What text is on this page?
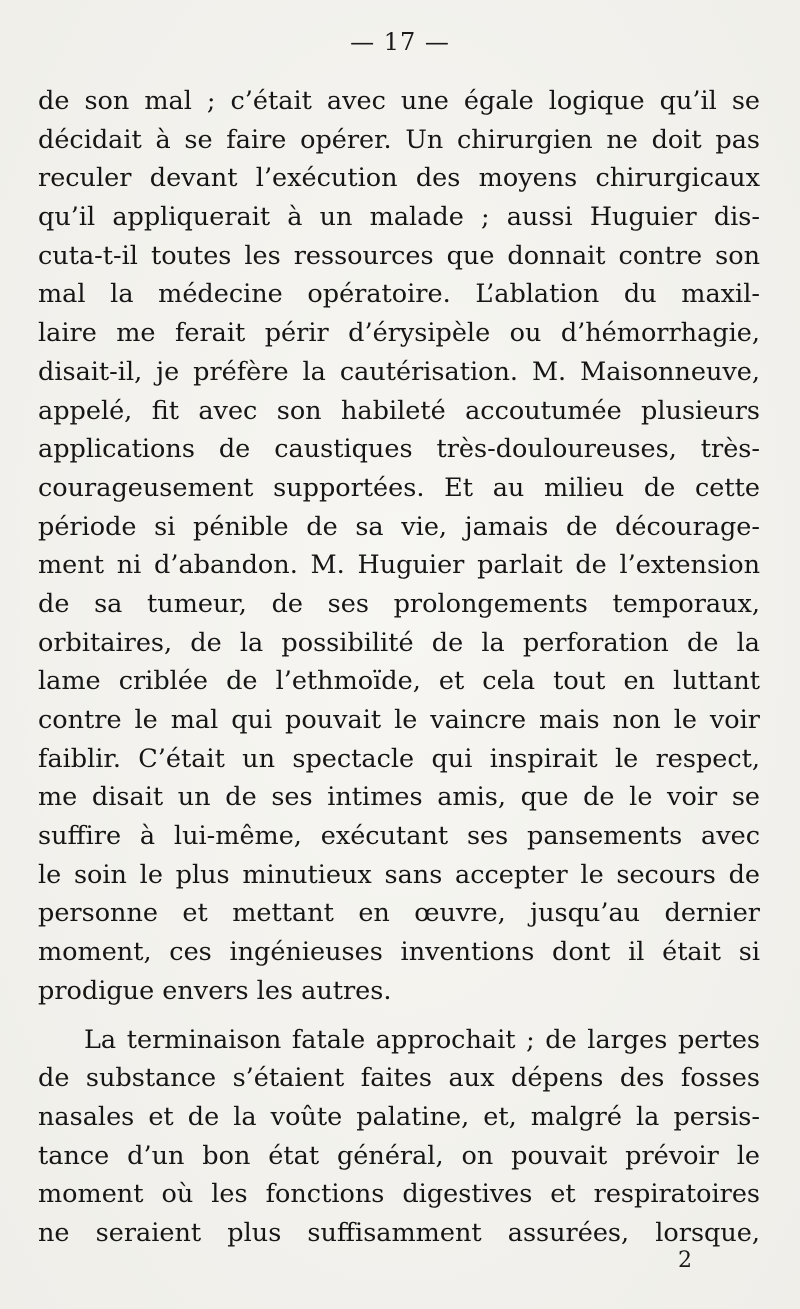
— 17 —
de son mal ; c’était avec une égale logique qu’il se
décidait à se faire opérer. Un chirurgien ne doit pas
reculer devant l’exécution des moyens chirurgicaux
qu’il appliquerait à un malade ; aussi Huguier dis-
cuta-t-il toutes les ressources que donnait contre son
mal la médecine opératoire. L’ablation du maxil-
laire me ferait périr d’érysipèle ou d’hémorrhagie,
disait-il, je préfère la cautérisation. M. Maisonneuve,
appelé, fit avec son habileté accoutumée plusieurs
applications de caustiques très-douloureuses, très-
courageusement supportées. Et au milieu de cette
période si pénible de sa vie, jamais de décourage-
ment ni d’abandon. M. Huguier parlait de l’extension
de sa tumeur, de ses prolongements temporaux,
orbitaires, de la possibilité de la perforation de la
lame criblée de l’ethmoïde, et cela tout en luttant
contre le mal qui pouvait le vaincre mais non le voir
faiblir. C’était un spectacle qui inspirait le respect,
me disait un de ses intimes amis, que de le voir se
suffire à lui-même, exécutant ses pansements avec
le soin le plus minutieux sans accepter le secours de
personne et mettant en œuvre, jusqu’au dernier
moment, ces ingénieuses inventions dont il était si
prodigue envers les autres.
La terminaison fatale approchait ; de larges pertes
de substance s’étaient faites aux dépens des fosses
nasales et de la voûte palatine, et, malgré la persis-
tance d’un bon état général, on pouvait prévoir le
moment où les fonctions digestives et respiratoires
ne seraient plus suffisamment assurées, lorsque,
2
